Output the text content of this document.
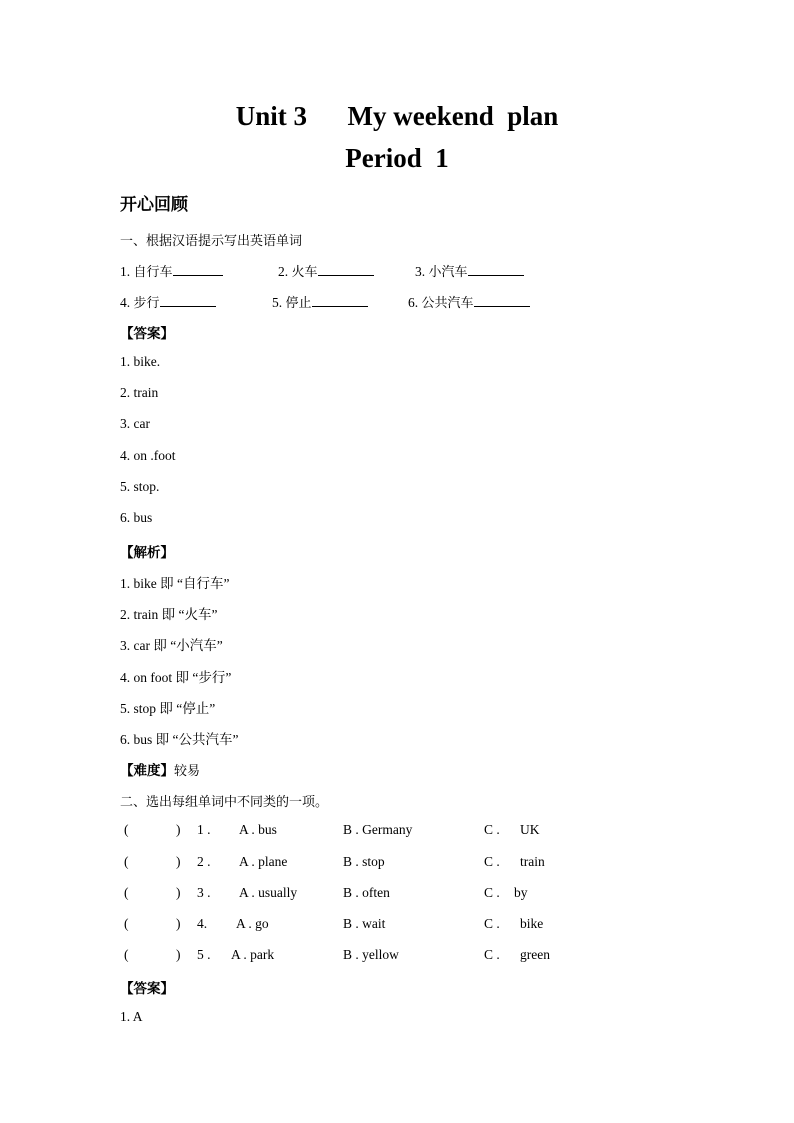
Unit 3      My weekend  plan
Period  1
开心回顾
一、根据汉语提示写出英语单词
1. 自行车	2. 火车	3. 小汽车
4. 步行	5. 停止	6. 公共汽车
【答案】
1. bike.
2. train
3. car
4. on .foot
5. stop.
6. bus
【解析】
1. bike 即 “自行车”
2. train 即 “火车”
3. car 即 “小汽车”
4. on foot 即 “步行”
5. stop 即 “停止”
6. bus 即 “公共汽车”
【难度】较易
二、选出每组单词中不同类的一项。
(	) 1 . A . bus	B . Germany	C . UK
(	) 2 . A . plane	B . stop	C . train
(	) 3 . A . usually	B . often	C . by
(	) 4. A . go	B . wait	C . bike
(	) 5 . A . park	B . yellow	C . green
【答案】
1. A
